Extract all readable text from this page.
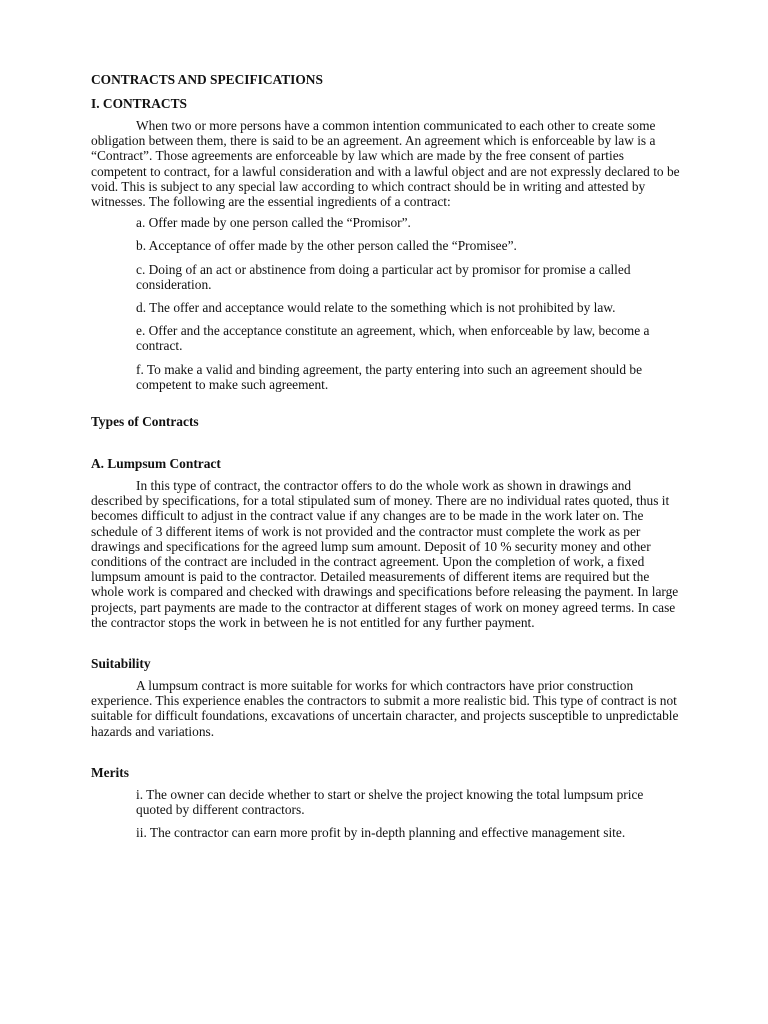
CONTRACTS AND SPECIFICATIONS
I. CONTRACTS

When two or more persons have a common intention communicated to each other to create some obligation between them, there is said to be an agreement. An agreement which is enforceable by law is a “Contract”. Those agreements are enforceable by law which are made by the free consent of parties competent to contract, for a lawful consideration and with a lawful object and are not expressly declared to be void. This is subject to any special law according to which contract should be in writing and attested by witnesses. The following are the essential ingredients of a contract:

a. Offer made by one person called the “Promisor”.
b. Acceptance of offer made by the other person called the “Promisee”.
c. Doing of an act or abstinence from doing a particular act by promisor for promise a called consideration.
d. The offer and acceptance would relate to the something which is not prohibited by law.
e. Offer and the acceptance constitute an agreement, which, when enforceable by law, become a contract.
f. To make a valid and binding agreement, the party entering into such an agreement should be competent to make such agreement.
Types of Contracts
A. Lumpsum Contract

In this type of contract, the contractor offers to do the whole work as shown in drawings and described by specifications, for a total stipulated sum of money. There are no individual rates quoted, thus it becomes difficult to adjust in the contract value if any changes are to be made in the work later on. The schedule of 3 different items of work is not provided and the contractor must complete the work as per drawings and specifications for the agreed lump sum amount. Deposit of 10 % security money and other conditions of the contract are included in the contract agreement. Upon the completion of work, a fixed lumpsum amount is paid to the contractor. Detailed measurements of different items are required but the whole work is compared and checked with drawings and specifications before releasing the payment. In large projects, part payments are made to the contractor at different stages of work on money agreed terms. In case the contractor stops the work in between he is not entitled for any further payment.

Suitability

A lumpsum contract is more suitable for works for which contractors have prior construction experience. This experience enables the contractors to submit a more realistic bid. This type of contract is not suitable for difficult foundations, excavations of uncertain character, and projects susceptible to unpredictable hazards and variations.

Merits
i. The owner can decide whether to start or shelve the project knowing the total lumpsum price quoted by different contractors.
ii. The contractor can earn more profit by in-depth planning and effective management site.
